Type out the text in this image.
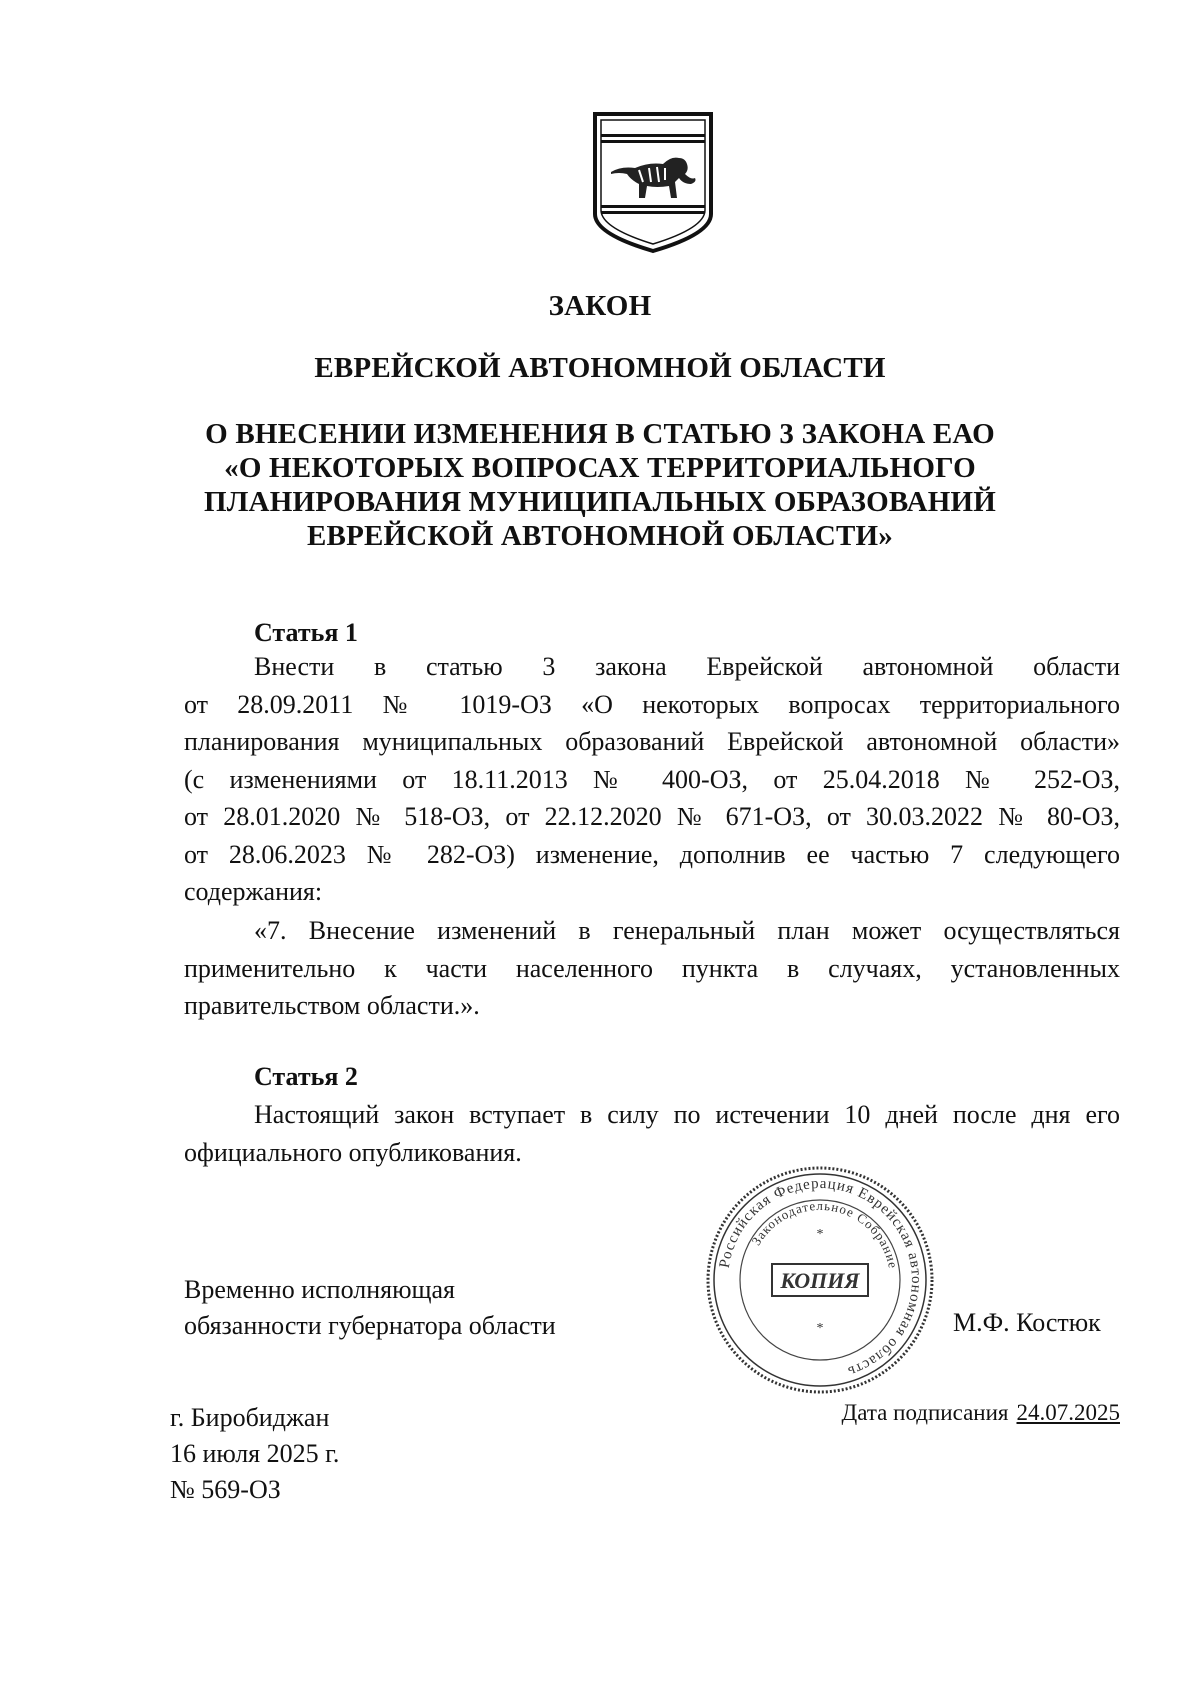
ЗАКОН
ЕВРЕЙСКОЙ АВТОНОМНОЙ ОБЛАСТИ
О ВНЕСЕНИИ ИЗМЕНЕНИЯ В СТАТЬЮ 3 ЗАКОНА ЕАО
«О НЕКОТОРЫХ ВОПРОСАХ ТЕРРИТОРИАЛЬНОГО
ПЛАНИРОВАНИЯ МУНИЦИПАЛЬНЫХ ОБРАЗОВАНИЙ
ЕВРЕЙСКОЙ АВТОНОМНОЙ ОБЛАСТИ»
Статья 1
Внести в статью 3 закона Еврейской автономной области
от 28.09.2011 № 1019-ОЗ «О некоторых вопросах территориального
планирования муниципальных образований Еврейской автономной области»
(с изменениями от 18.11.2013 № 400-ОЗ, от 25.04.2018 № 252-ОЗ,
от 28.01.2020 № 518-ОЗ, от 22.12.2020 № 671-ОЗ, от 30.03.2022 № 80-ОЗ,
от 28.06.2023 № 282-ОЗ) изменение, дополнив ее частью 7 следующего
содержания:
«7. Внесение изменений в генеральный план может осуществляться
применительно к части населенного пункта в случаях, установленных
правительством области.».
Статья 2
Настоящий закон вступает в силу по истечении 10 дней после дня его
официального опубликования.
Российская Федерация Еврейская автономная область
Законодательное Собрание
КОПИЯ
*
*
Временно исполняющая
обязанности губернатора области	М.Ф. Костюк
г. Биробиджан
16 июля 2025 г.
№ 569-ОЗ
Дата подписания 24.07.2025
